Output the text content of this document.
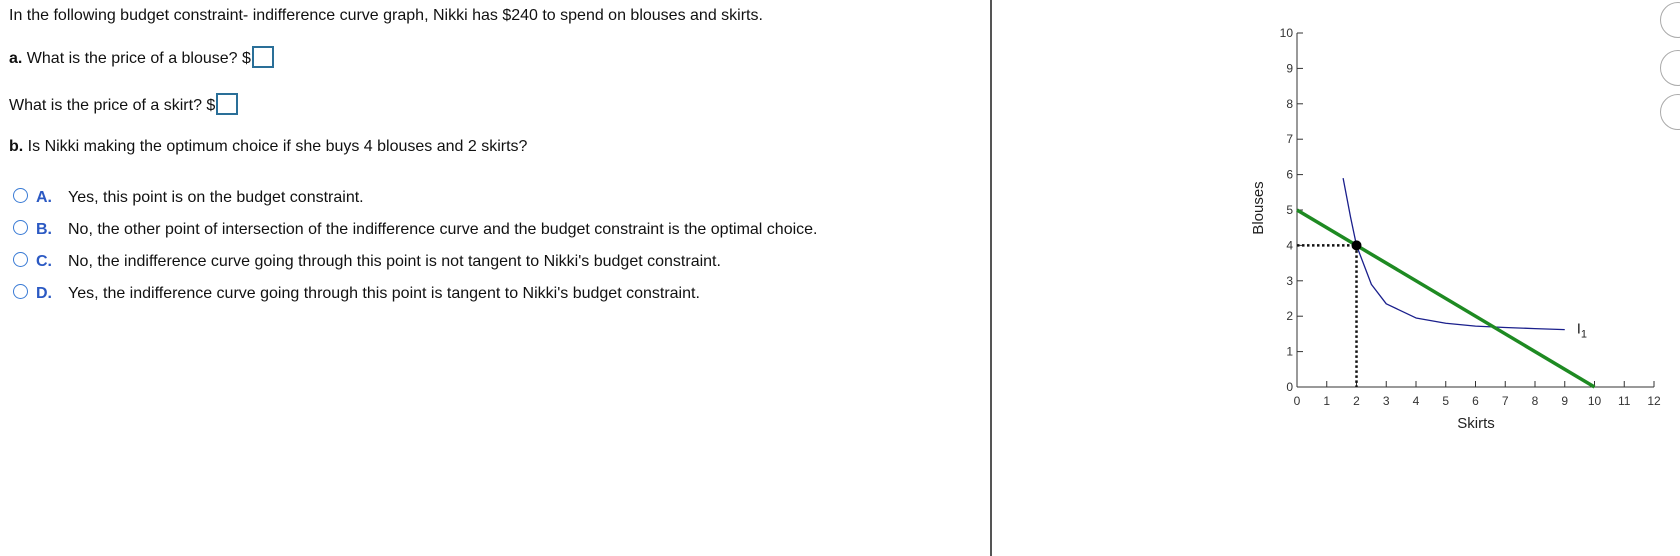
In the following budget constraint- indifference curve graph, Nikki has $240 to spend on blouses and skirts.
a. What is the price of a blouse? $
What is the price of a skirt? $
b. Is Nikki making the optimum choice if she buys 4 blouses and 2 skirts?
A. Yes, this point is on the budget constraint.
B. No, the other point of intersection of the indifference curve and the budget constraint is the optimal choice.
C. No, the indifference curve going through this point is not tangent to Nikki's budget constraint.
D. Yes, the indifference curve going through this point is tangent to Nikki's budget constraint.
0 1 2 3 4 5 6 7 8 9 10 11 12
0
1
2
3
4
5
6
7
8
9
10
Skirts
Blouses
$I_1$
